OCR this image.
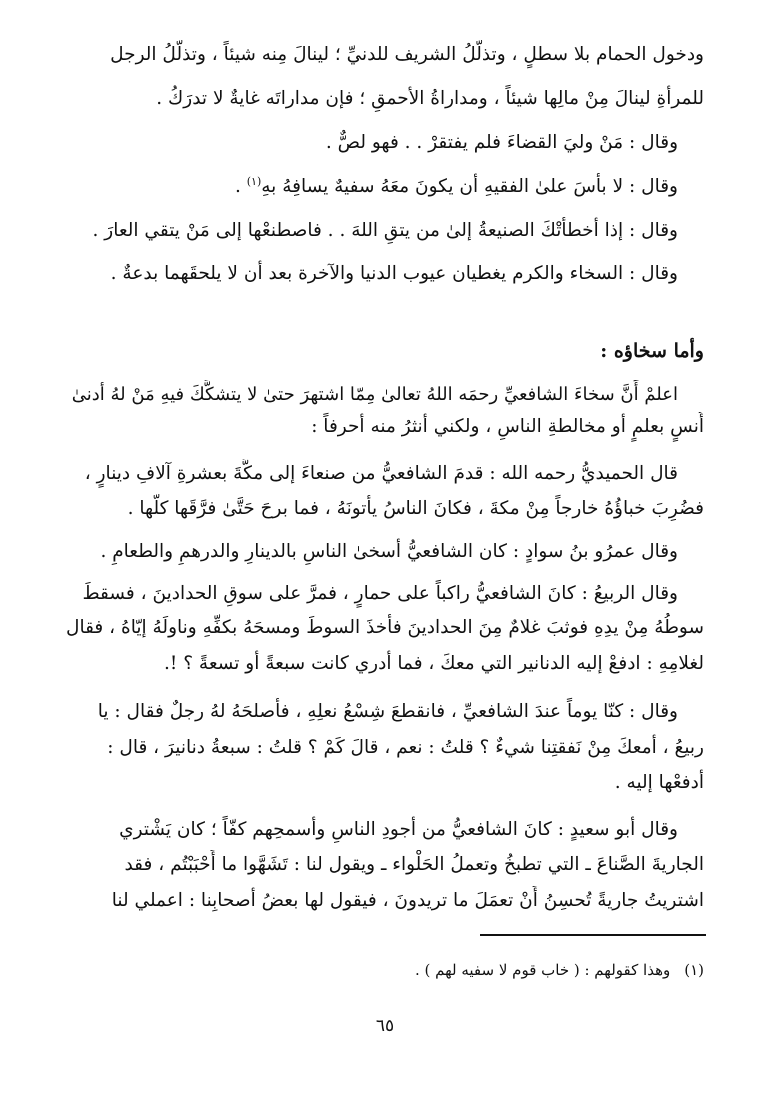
ودخول الحمام بلا سطلٍ ، وتذلُّلُ الشريف للدنيِّ ؛ لينالَ مِنه شيئاً ، وتذلُّلُ الرجل

للمرأةِ لينالَ مِنْ مالِها شيئاً ، ومداراةُ الأحمقِ ؛ فإن مداراتَه غايةٌ لا تدرَكُ .

وقال : مَنْ وليَ القضاءَ فلم يفتقرْ . . فهو لصٌّ .

وقال : لا بأسَ علىٰ الفقيهِ أن يكونَ معَهُ سفيهٌ يسافِهُ بهِ$^{(١)}$ .

وقال : إذا أخطأتْكَ الصنيعةُ إلىٰ من يتقِ اللهَ . . فاصطنعْها إلى مَنْ يتقي العارَ .

وقال : السخاء والكرم يغطيان عيوب الدنيا والآخرة بعد أن لا يلحقَهما بدعةٌ .

وأما سخاؤه :

اعلمْ أَنَّ سخاءَ الشافعيِّ رحمَه اللهُ تعالىٰ مِمّا اشتهرَ حتىٰ لا يتشكَّكَ فيهِ مَنْ لهُ أدنىٰ

أُنسٍ بعلمٍ أو مخالطةِ الناسِ ، ولكني أنثرُ منه أحرفاً :

قال الحميديُّ رحمه الله : قدمَ الشافعيُّ من صنعاءَ إلى مكَّةَ بعشرةِ آلافِ دينارٍ ،

فضُرِبَ خباؤُهُ خارجاً مِنْ مكةَ ، فكانَ الناسُ يأتونَهُ ، فما برحَ حَتَّىٰ فرَّقَها كلَّها .

وقال عمرُو بنُ سوادٍ : كان الشافعيُّ أسخىٰ الناسِ بالدينارِ والدرهمِ والطعامِ .

وقال الربيعُ : كانَ الشافعيُّ راكباً على حمارٍ ، فمرَّ على سوقِ الحدادينَ ، فسقطَ

سوطُهُ مِنْ يدِهِ فوثبَ غلامٌ مِنَ الحدادينَ فأخذَ السوطَ ومسحَهُ بكفِّهِ وناولَهُ إيّاهُ ، فقال

لغلامِهِ : ادفعْ إليه الدنانير التي معكَ ، فما أدري كانت سبعةً أو تسعةً ؟ !.

وقال : كنّا يوماً عندَ الشافعيِّ ، فانقطعَ شِسْعُ نعلِهِ ، فأَصلحَهُ لهُ رجلٌ فقال : يا

ربيعُ ، أمعكَ مِنْ نَفقتِنا شيءٌ ؟ قلتُ : نعم ، قالَ كَمْ ؟ قلتُ : سبعةُ دنانيرَ ، قال :

أدفعْها إليه .

وقال أبو سعيدٍ : كانَ الشافعيُّ من أجودِ الناسِ وأسمحِهم كفّاً ؛ كان يَشْتري

الجاريةَ الصَّناعَ ـ التي تطبخُ وتعملُ الحَلْواء ـ ويقول لنا : تَشَهَّوا ما أَحْبَبْتُم ، فقد

اشتريتُ جاريةً تُحسِنُ أَنْ تعمَلَ ما تريدونَ ، فيقول لها بعضُ أصحابِنا : اعملي لنا

(١)وهذا كقولهم : ( خاب قوم لا سفيه لهم ) .

٦٥
